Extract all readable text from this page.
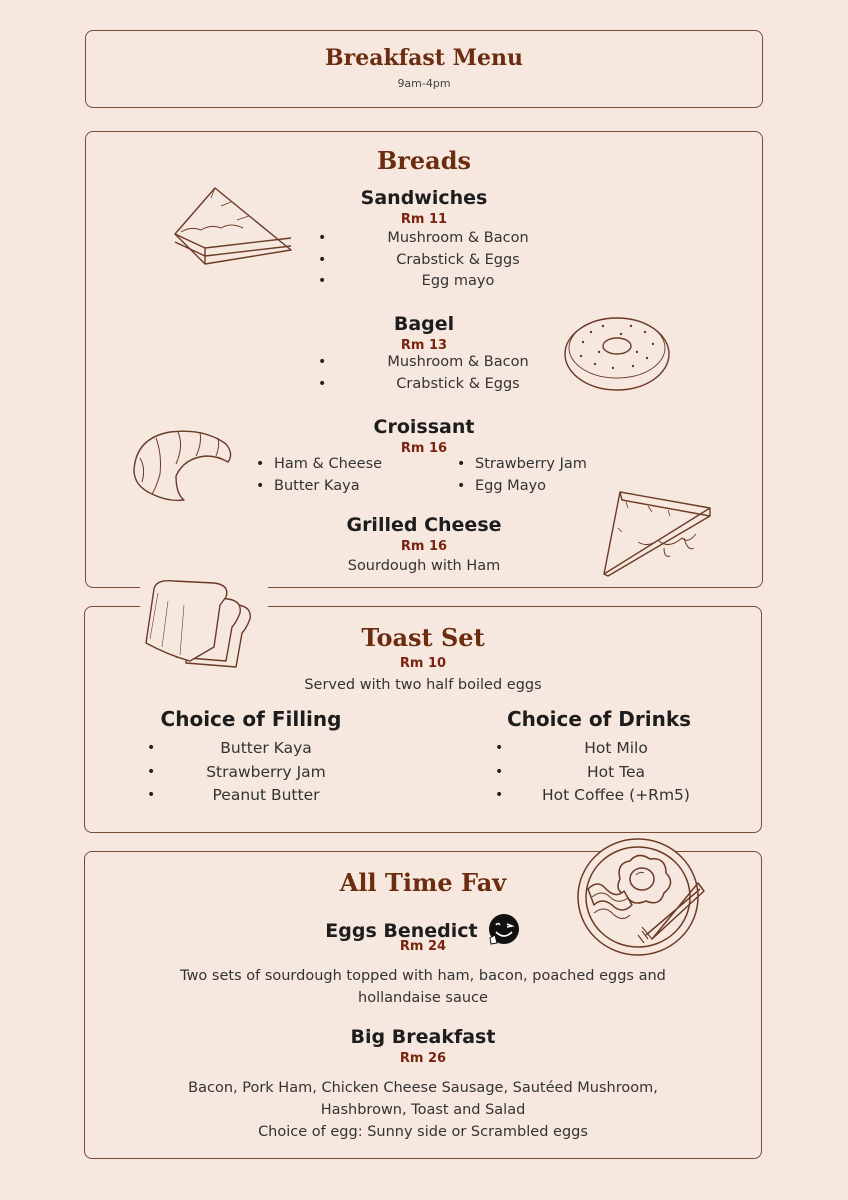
Breakfast Menu
9am-4pm
Breads
Sandwiches
Rm 11
• Mushroom & Bacon
• Crabstick & Eggs
• Egg mayo
Bagel
Rm 13
• Mushroom & Bacon
• Crabstick & Eggs
Croissant
Rm 16
• Ham & Cheese
• Butter Kaya
• Strawberry Jam
• Egg Mayo
Grilled Cheese
Rm 16
Sourdough with Ham
Toast Set
Rm 10
Served with two half boiled eggs
Choice of Filling
• Butter Kaya
• Strawberry Jam
• Peanut Butter
Choice of Drinks
• Hot Milo
• Hot Tea
• Hot Coffee (+Rm5)
All Time Fav
Eggs Benedict
Rm 24
Two sets of sourdough topped with ham, bacon, poached eggs and
hollandaise sauce
Big Breakfast
Rm 26
Bacon, Pork Ham, Chicken Cheese Sausage, Sautéed Mushroom,
Hashbrown, Toast and Salad
Choice of egg: Sunny side or Scrambled eggs
